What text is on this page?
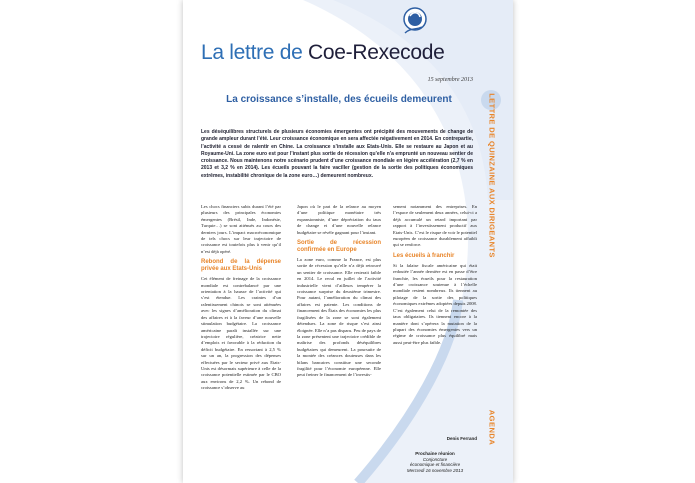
La lettre de Coe-Rexecode
15 septembre 2013
La croissance s’installe, des écueils demeurent
Les déséquilibres structurels de plusieurs économies émergentes ont précipité des mouvements de change de grande ampleur durant l’été. Leur croissance économique en sera affectée négativement en 2014. En contrepartie, l’activité a cessé de ralentir en Chine. La croissance s’installe aux Etats-Unis. Elle se restaure au Japon et au Royaume-Uni. La zone euro est pour l’instant plus sortie de récession qu’elle n’a emprunté un nouveau sentier de croissance. Nous maintenons notre scénario prudent d’une croissance mondiale en légère accélération (2,7 % en 2013 et 3,2 % en 2014). Les écueils pouvant la faire vaciller (gestion de la sortie des politiques économiques extrêmes, instabilité chronique de la zone euro…) demeurent nombreux.

Les chocs financiers subis durant l’été par plusieurs des principales économies émergentes (Brésil, Inde, Indonésie, Turquie…) se sont atténués au cours des derniers jours. L’impact macroéconomique de tels chocs sur leur trajectoire de croissance est toutefois plus à venir qu’il n’est déjà opéré.

Rebond de la dépense privée aux Etats-Unis

Cet élément de freinage de la croissance mondiale est contrebalancé par une orientation à la hausse de l’activité qui s’est étendue. Les craintes d’un ralentissement chinois se sont atténuées avec les signes d’amélioration du climat des affaires et à la faveur d’une nouvelle stimulation budgétaire. La croissance américaine paraît installée sur une trajectoire régulière, créatrice nette d’emplois et favorable à la réduction du déficit budgétaire. En ressortant à 2,5 % sur un an, la progression des dépenses effectuées par le secteur privé aux Etats-Unis est désormais supérieure à celle de la croissance potentielle estimée par le CBO aux environs de 2,2 %. Un rebond de croissance s’observe au

Japon où le pari de la relance au moyen d’une politique monétaire très expansionniste, d’une dépréciation du taux de change et d’une nouvelle relance budgétaire se révèle gagnant pour l’instant.

Sortie de récession confirmée en Europe

La zone euro, comme la France, est plus sortie de récession qu’elle n’a déjà retrouvé un sentier de croissance. Elle resterait faible en 2014. Le recul en juillet de l’activité industrielle vient d’ailleurs tempérer la croissance surprise du deuxième trimestre. Pour autant, l’amélioration du climat des affaires est patente. Les conditions de financement des États des économies les plus fragilisées de la zone se sont également détendues. La zone de risque s’est ainsi éloignée. Elle n’a pas disparu. Peu de pays de la zone présentent une trajectoire crédible de maîtrise des profonds déséquilibres budgétaires qui demeurent. La poursuite de la montée des créances douteuses dans les bilans bancaires constitue une seconde fragilité pour l’économie européenne. Elle peut freiner le financement de l’investis-

sement notamment des entreprises. En l’espace de seulement deux années, celui-ci a déjà accumulé un retard important par rapport à l’investissement productif aux Etats-Unis. C’est le risque de voir le potentiel européen de croissance durablement affaibli qui se renforce.

Les écueils à franchir

Si la falaise fiscale américaine qui était redoutée l’année dernière est en passe d’être franchie, les écueils pour la restauration d’une croissance soutenue à l’échelle mondiale restent nombreux. Ils tiennent au pilotage de la sortie des politiques économiques extrêmes adoptées depuis 2008. C’est également celui de la remontée des taux obligataires. Ils tiennent encore à la manière dont s’opérera la mutation de la plupart des économies émergentes vers un régime de croissance plus équilibré mais aussi peut-être plus faible.

Denis Ferrand
Prochaine réunion
Conjoncture
économique et financière
Mercredi 16 novembre 2013
LETTRE DE QUINZAINE AUX DIRIGEANTS
AGENDA
